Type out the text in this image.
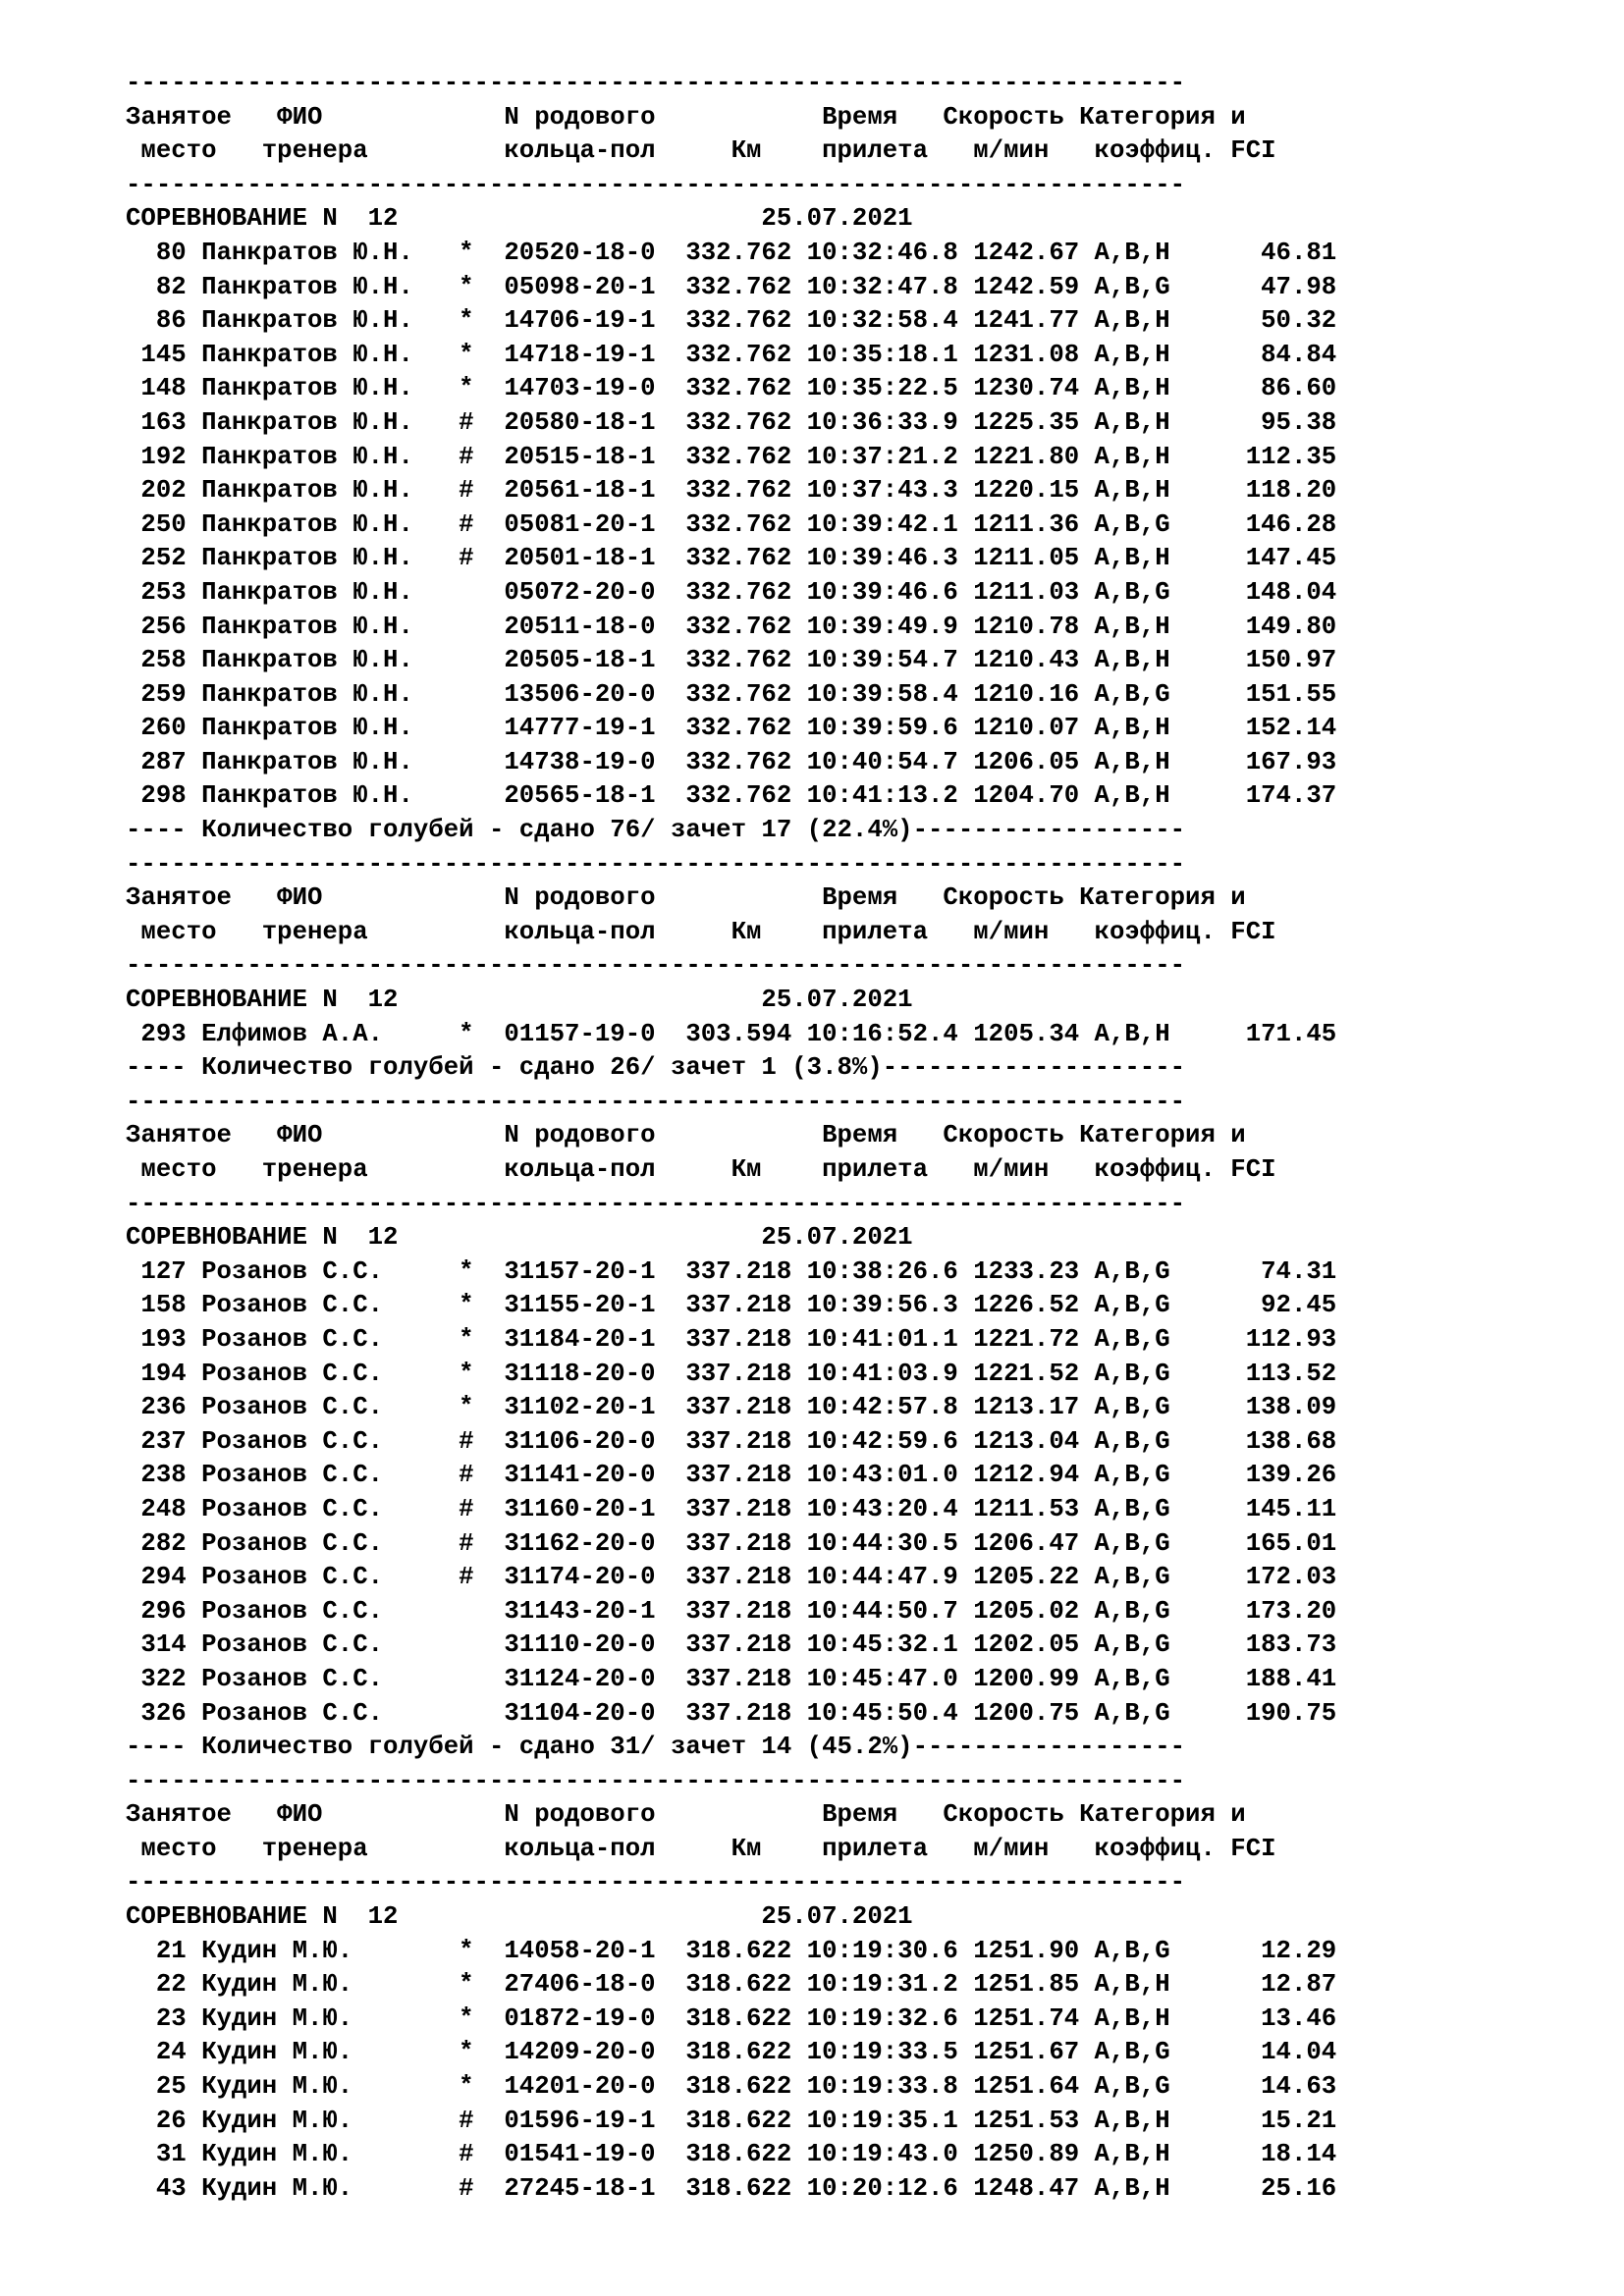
----------------------------------------------------------------------
Занятое   ФИО            N родового           Время   Скорость Категория и
место   тренера         кольца-пол     Км    прилета   м/мин   коэффиц. FCI
----------------------------------------------------------------------
СОРЕВНОВАНИЕ N  12                        25.07.2021
80 Панкратов Ю.Н.   *  20520-18-0  332.762 10:32:46.8 1242.67 A,B,H      46.81
82 Панкратов Ю.Н.   *  05098-20-1  332.762 10:32:47.8 1242.59 A,B,G      47.98
86 Панкратов Ю.Н.   *  14706-19-1  332.762 10:32:58.4 1241.77 A,B,H      50.32
145 Панкратов Ю.Н.   *  14718-19-1  332.762 10:35:18.1 1231.08 A,B,H      84.84
148 Панкратов Ю.Н.   *  14703-19-0  332.762 10:35:22.5 1230.74 A,B,H      86.60
163 Панкратов Ю.Н.   #  20580-18-1  332.762 10:36:33.9 1225.35 A,B,H      95.38
192 Панкратов Ю.Н.   #  20515-18-1  332.762 10:37:21.2 1221.80 A,B,H     112.35
202 Панкратов Ю.Н.   #  20561-18-1  332.762 10:37:43.3 1220.15 A,B,H     118.20
250 Панкратов Ю.Н.   #  05081-20-1  332.762 10:39:42.1 1211.36 A,B,G     146.28
252 Панкратов Ю.Н.   #  20501-18-1  332.762 10:39:46.3 1211.05 A,B,H     147.45
253 Панкратов Ю.Н.      05072-20-0  332.762 10:39:46.6 1211.03 A,B,G     148.04
256 Панкратов Ю.Н.      20511-18-0  332.762 10:39:49.9 1210.78 A,B,H     149.80
258 Панкратов Ю.Н.      20505-18-1  332.762 10:39:54.7 1210.43 A,B,H     150.97
259 Панкратов Ю.Н.      13506-20-0  332.762 10:39:58.4 1210.16 A,B,G     151.55
260 Панкратов Ю.Н.      14777-19-1  332.762 10:39:59.6 1210.07 A,B,H     152.14
287 Панкратов Ю.Н.      14738-19-0  332.762 10:40:54.7 1206.05 A,B,H     167.93
298 Панкратов Ю.Н.      20565-18-1  332.762 10:41:13.2 1204.70 A,B,H     174.37
---- Количество голубей - сдано 76/ зачет 17 (22.4%)------------------
----------------------------------------------------------------------
Занятое   ФИО            N родового           Время   Скорость Категория и
место   тренера         кольца-пол     Км    прилета   м/мин   коэффиц. FCI
----------------------------------------------------------------------
СОРЕВНОВАНИЕ N  12                        25.07.2021
293 Елфимов А.А.     *  01157-19-0  303.594 10:16:52.4 1205.34 A,B,H     171.45
---- Количество голубей - сдано 26/ зачет 1 (3.8%)--------------------
----------------------------------------------------------------------
Занятое   ФИО            N родового           Время   Скорость Категория и
место   тренера         кольца-пол     Км    прилета   м/мин   коэффиц. FCI
----------------------------------------------------------------------
СОРЕВНОВАНИЕ N  12                        25.07.2021
127 Розанов С.С.     *  31157-20-1  337.218 10:38:26.6 1233.23 A,B,G      74.31
158 Розанов С.С.     *  31155-20-1  337.218 10:39:56.3 1226.52 A,B,G      92.45
193 Розанов С.С.     *  31184-20-1  337.218 10:41:01.1 1221.72 A,B,G     112.93
194 Розанов С.С.     *  31118-20-0  337.218 10:41:03.9 1221.52 A,B,G     113.52
236 Розанов С.С.     *  31102-20-1  337.218 10:42:57.8 1213.17 A,B,G     138.09
237 Розанов С.С.     #  31106-20-0  337.218 10:42:59.6 1213.04 A,B,G     138.68
238 Розанов С.С.     #  31141-20-0  337.218 10:43:01.0 1212.94 A,B,G     139.26
248 Розанов С.С.     #  31160-20-1  337.218 10:43:20.4 1211.53 A,B,G     145.11
282 Розанов С.С.     #  31162-20-0  337.218 10:44:30.5 1206.47 A,B,G     165.01
294 Розанов С.С.     #  31174-20-0  337.218 10:44:47.9 1205.22 A,B,G     172.03
296 Розанов С.С.        31143-20-1  337.218 10:44:50.7 1205.02 A,B,G     173.20
314 Розанов С.С.        31110-20-0  337.218 10:45:32.1 1202.05 A,B,G     183.73
322 Розанов С.С.        31124-20-0  337.218 10:45:47.0 1200.99 A,B,G     188.41
326 Розанов С.С.        31104-20-0  337.218 10:45:50.4 1200.75 A,B,G     190.75
---- Количество голубей - сдано 31/ зачет 14 (45.2%)------------------
----------------------------------------------------------------------
Занятое   ФИО            N родового           Время   Скорость Категория и
место   тренера         кольца-пол     Км    прилета   м/мин   коэффиц. FCI
----------------------------------------------------------------------
СОРЕВНОВАНИЕ N  12                        25.07.2021
21 Кудин М.Ю.       *  14058-20-1  318.622 10:19:30.6 1251.90 A,B,G      12.29
22 Кудин М.Ю.       *  27406-18-0  318.622 10:19:31.2 1251.85 A,B,H      12.87
23 Кудин М.Ю.       *  01872-19-0  318.622 10:19:32.6 1251.74 A,B,H      13.46
24 Кудин М.Ю.       *  14209-20-0  318.622 10:19:33.5 1251.67 A,B,G      14.04
25 Кудин М.Ю.       *  14201-20-0  318.622 10:19:33.8 1251.64 A,B,G      14.63
26 Кудин М.Ю.       #  01596-19-1  318.622 10:19:35.1 1251.53 A,B,H      15.21
31 Кудин М.Ю.       #  01541-19-0  318.622 10:19:43.0 1250.89 A,B,H      18.14
43 Кудин М.Ю.       #  27245-18-1  318.622 10:20:12.6 1248.47 A,B,H      25.16
